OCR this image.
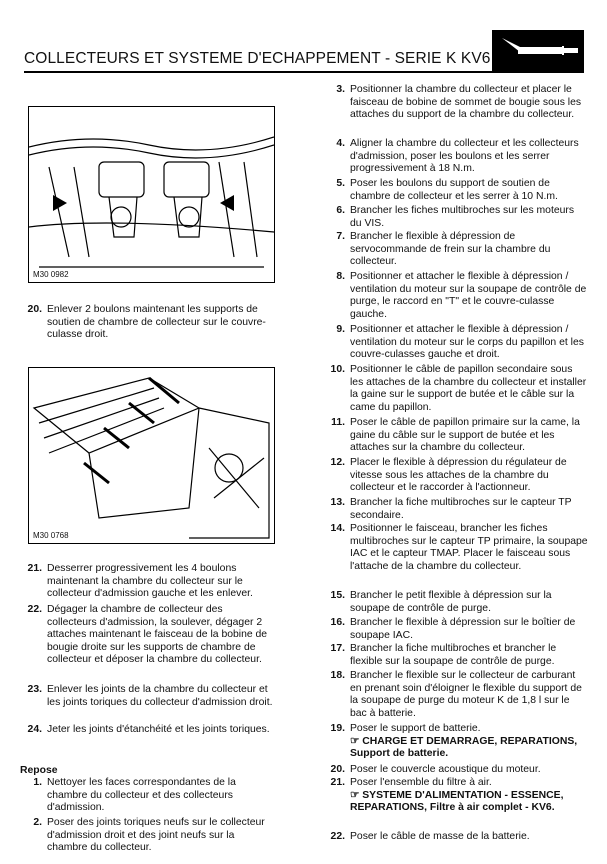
COLLECTEURS ET SYSTEME D'ECHAPPEMENT - SERIE K KV6
M30 0982
M30 0768
20. Enlever 2 boulons maintenant les supports de soutien de chambre de collecteur sur le couvre-culasse droit.
21. Desserrer progressivement les 4 boulons maintenant la chambre du collecteur sur le collecteur d'admission gauche et les enlever.
22. Dégager la chambre de collecteur des collecteurs d'admission, la soulever, dégager 2 attaches maintenant le faisceau de la bobine de bougie droite sur les supports de chambre de collecteur et déposer la chambre du collecteur.
23. Enlever les joints de la chambre du collecteur et les joints toriques du collecteur d'admission droit.
24. Jeter les joints d'étanchéité et les joints toriques.
Repose
1. Nettoyer les faces correspondantes de la chambre du collecteur et des collecteurs d'admission.
2. Poser des joints toriques neufs sur le collecteur d'admission droit et des joint neufs sur la chambre du collecteur.
3. Positionner la chambre du collecteur et placer le faisceau de bobine de sommet de bougie sous les attaches du support de la chambre du collecteur.
4. Aligner la chambre du collecteur et les collecteurs d'admission, poser les boulons et les serrer progressivement à 18 N.m.
5. Poser les boulons du support de soutien de chambre de collecteur et les serrer à 10 N.m.
6. Brancher les fiches multibroches sur les moteurs du VIS.
7. Brancher le flexible à dépression de servocommande de frein sur la chambre du collecteur.
8. Positionner et attacher le flexible à dépression / ventilation du moteur sur la soupape de contrôle de purge, le raccord en "T" et le couvre-culasse gauche.
9. Positionner et attacher le flexible à dépression / ventilation du moteur sur le corps du papillon et les couvre-culasses gauche et droit.
10. Positionner le câble de papillon secondaire sous les attaches de la chambre du collecteur et installer la gaine sur le support de butée et le câble sur la came du papillon.
11. Poser le câble de papillon primaire sur la came, la gaine du câble sur le support de butée et les attaches sur la chambre du collecteur.
12. Placer le flexible à dépression du régulateur de vitesse sous les attaches de la chambre du collecteur et le raccorder à l'actionneur.
13. Brancher la fiche multibroches sur le capteur TP secondaire.
14. Positionner le faisceau, brancher les fiches multibroches sur le capteur TP primaire, la soupape IAC et le capteur TMAP. Placer le faisceau sous l'attache de la chambre du collecteur.
15. Brancher le petit flexible à dépression sur la soupape de contrôle de purge.
16. Brancher le flexible à dépression sur le boîtier de soupape IAC.
17. Brancher la fiche multibroches et brancher le flexible sur la soupape de contrôle de purge.
18. Brancher le flexible sur le collecteur de carburant en prenant soin d'éloigner le flexible du support de la soupape de purge du moteur K de 1,8 l sur le bac à batterie.
19. Poser le support de batterie.
☞ CHARGE ET DEMARRAGE, REPARATIONS, Support de batterie.
20. Poser le couvercle acoustique du moteur.
21. Poser l'ensemble du filtre à air.
☞ SYSTEME D'ALIMENTATION - ESSENCE, REPARATIONS, Filtre à air complet - KV6.
22. Poser le câble de masse de la batterie.
